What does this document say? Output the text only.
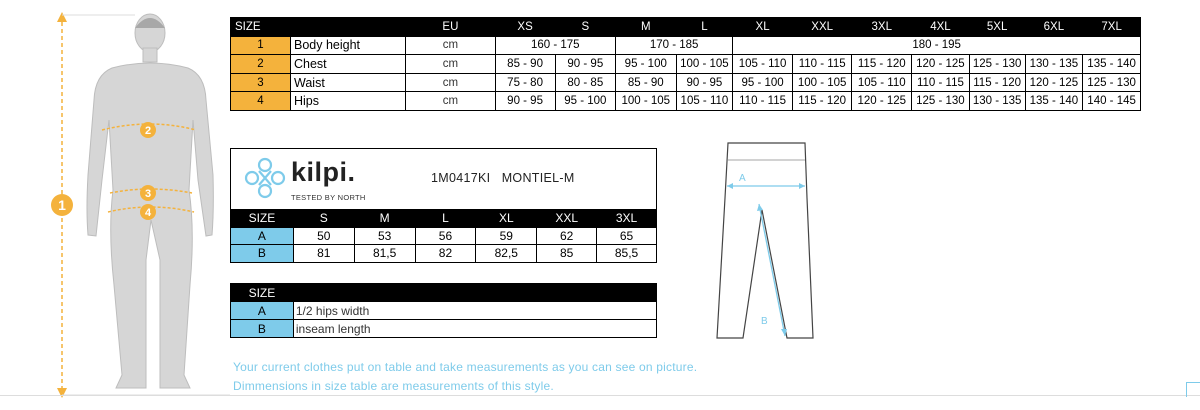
1
2
3
4
SIZE		EU	XS	S	M	L	XL	XXL	3XL	4XL	5XL	6XL	7XL
1	Body height	cm	160 - 175		170 - 185		180 - 195						
2	Chest	cm	85 - 90	90 - 95	95 - 100	100 - 105	105 - 110	110 - 115	115 - 120	120 - 125	125 - 130	130 - 135	135 - 140
3	Waist	cm	75 - 80	80 - 85	85 - 90	90 - 95	95 - 100	100 - 105	105 - 110	110 - 115	115 - 120	120 - 125	125 - 130
4	Hips	cm	90 - 95	95 - 100	100 - 105	105 - 110	110 - 115	115 - 120	120 - 125	125 - 130	130 - 135	135 - 140	140 - 145
kilpi.
TESTED BY NORTH
1M0417KI MONTIEL-M
SIZE	S	M	L	XL	XXL	3XL
A	50	53	56	59	62	65
B	81	81,5	82	82,5	85	85,5
SIZE	
A	1/2 hips width
B	inseam length
A
B
Your current clothes put on table and take measurements as you can see on picture.
Dimmensions in size table are measurements of this style.
